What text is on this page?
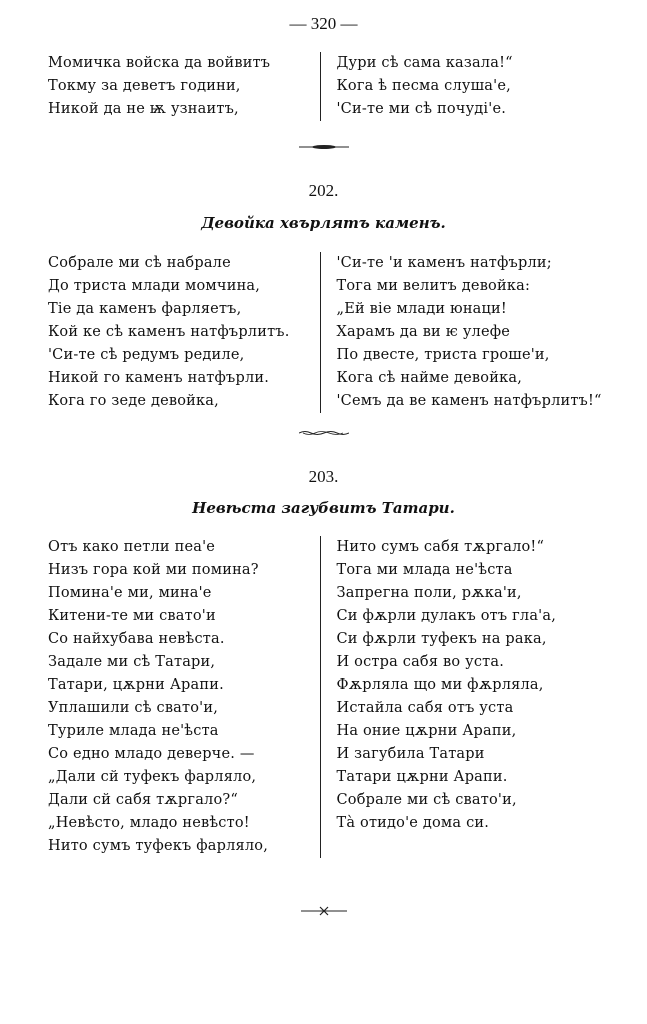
— 320 —
Момичка войска да войвитъ
Токму за деветъ години,
Никой да не ѭ узнаитъ,
Дури сѣ сама казала!“
Кога ѣ песма слуша'е,
'Си-те ми сѣ почудi'е.
202.
Девойка хвърлятъ каменъ.
Собрале ми сѣ набрале
До триста млади момчина,
Тiе да каменъ фарляетъ,
Кой ке сѣ каменъ натфърлитъ.
'Си-те сѣ редумъ редиле,
Никой го каменъ натфърли.
Кога го зеде девойка,
'Си-те 'и каменъ натфърли;
Тога ми велитъ девойка:
„Ей вiе млади юнаци!
Харамъ да ви ѥ улефе
По двесте, триста гроше'и,
Кога сѣ найме девойка,
'Семъ да ве каменъ натфърлитъ!“
203.
Невѣста загубвитъ Татари.
Отъ како петли пеа'е
Низъ гора кой ми помина?
Помина'е ми, мина'е
Китени-те ми свато'и
Со найхубава невѣста.
Задале ми сѣ Татари,
Татари, цѫрни Арапи.
Уплашили сѣ свато'и,
Туриле млада не'ѣста
Со едно младо деверче. —
„Дали сй туфекъ фарляло,
Дали сй сабя тѫргало?“
„Невѣсто, младо невѣсто!
Нито сумъ туфекъ фарляло,
Нито сумъ сабя тѫргало!“
Тога ми млада не'ѣста
Запрегна поли, рѫка'и,
Си фѫрли дулакъ отъ гла'а,
Си фѫрли туфекъ на рака,
И остра сабя во уста.
Фѫрляла що ми фѫрляла,
Истайла сабя отъ уста
На оние цѫрни Арапи,
И загубила Татари
Татари цѫрни Арапи.
Собрале ми сѣ свато'и,
Тà отидо'е дома си.
